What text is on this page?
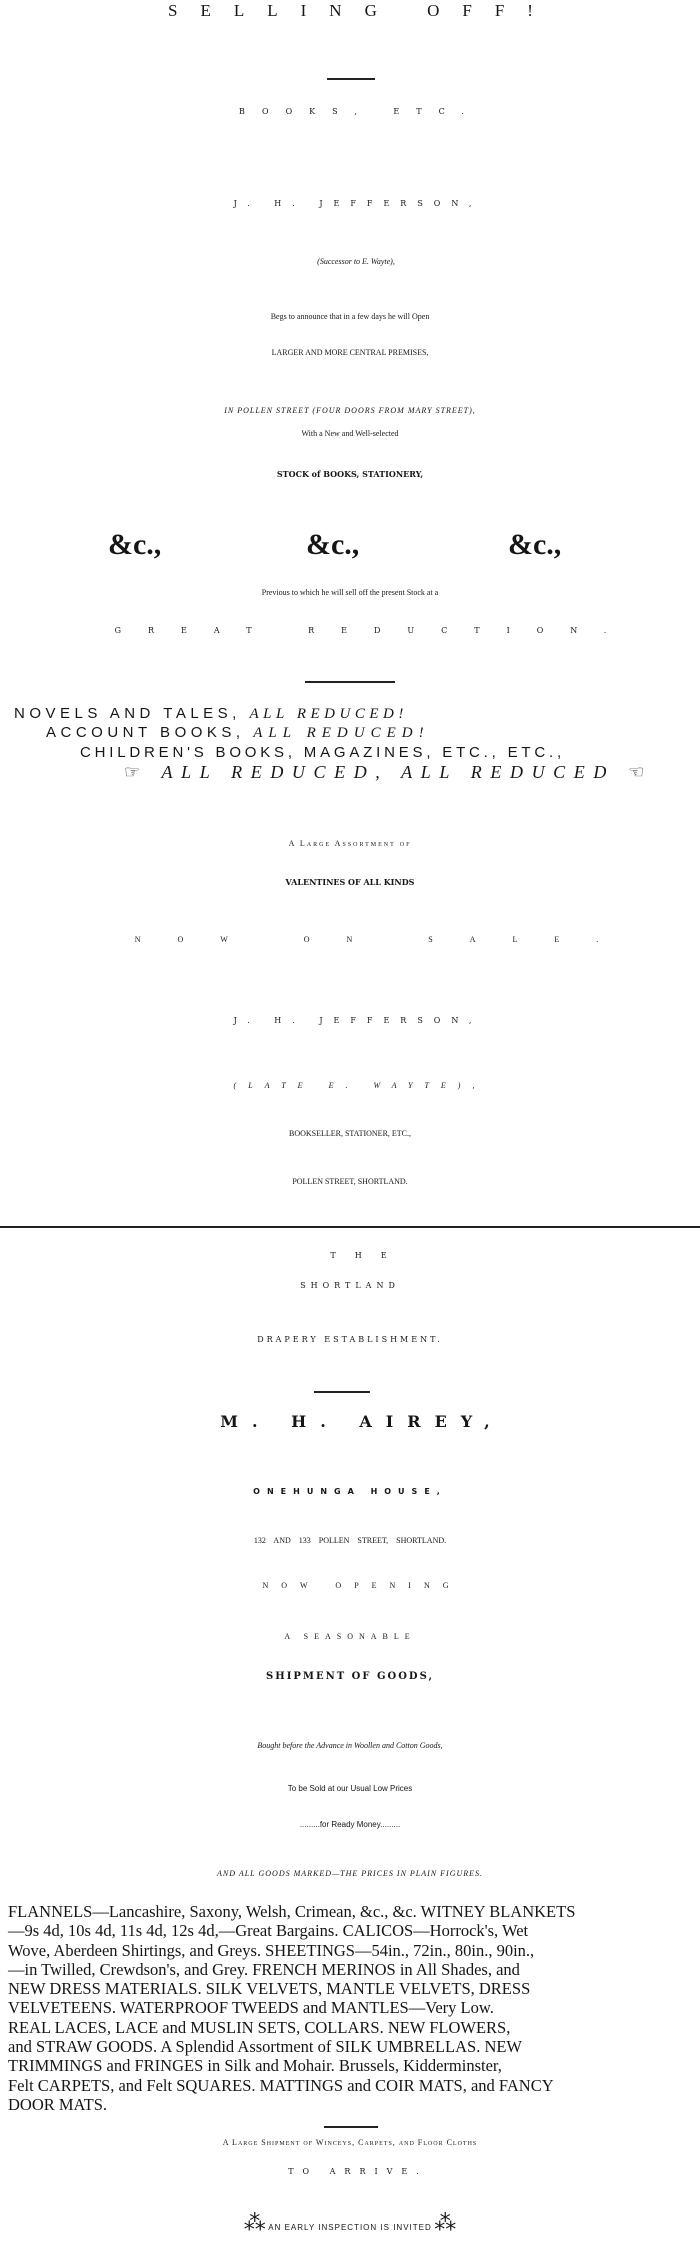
SELLING OFF!
BOOKS, ETC.
J. H. JEFFERSON,
(Successor to E. Wayte),
Begs to announce that in a few days he will Open
LARGER AND MORE CENTRAL PREMISES,
IN POLLEN STREET (FOUR DOORS FROM MARY STREET),
With a New and Well-selected
STOCK of BOOKS, STATIONERY,
&c.,	&c.,	&c.,
Previous to which he will sell off the present Stock at a
GREAT REDUCTION.
NOVELS AND TALES, ALL REDUCED!
ACCOUNT BOOKS, ALL REDUCED!
CHILDREN'S BOOKS, MAGAZINES, ETC., ETC.,
☞ ALL REDUCED, ALL REDUCED ☜
A Large Assortment of
VALENTINES OF ALL KINDS
NOW ON SALE.
J. H. JEFFERSON,
(LATE E. WAYTE),
BOOKSELLER, STATIONER, ETC.,
POLLEN STREET, SHORTLAND.
THE
SHORTLAND
DRAPERY ESTABLISHMENT.
M. H. AIREY,
ONEHUNGA HOUSE,
132 AND 133 POLLEN STREET, SHORTLAND.
NOW OPENING
A SEASONABLE
SHIPMENT OF GOODS,
Bought before the Advance in Woollen and Cotton Goods,
To be Sold at our Usual Low Prices
.........for Ready Money.........
AND ALL GOODS MARKED—THE PRICES IN PLAIN FIGURES.
FLANNELS—Lancashire, Saxony, Welsh, Crimean, &c., &c. WITNEY BLANKETS
—9s 4d, 10s 4d, 11s 4d, 12s 4d,—Great Bargains. CALICOS—Horrock's, Wet
Wove, Aberdeen Shirtings, and Greys. SHEETINGS—54in., 72in., 80in., 90in.,
—in Twilled, Crewdson's, and Grey. FRENCH MERINOS in All Shades, and
NEW DRESS MATERIALS. SILK VELVETS, MANTLE VELVETS, DRESS
VELVETEENS. WATERPROOF TWEEDS and MANTLES—Very Low.
REAL LACES, LACE and MUSLIN SETS, COLLARS. NEW FLOWERS,
and STRAW GOODS. A Splendid Assortment of SILK UMBRELLAS. NEW
TRIMMINGS and FRINGES in Silk and Mohair. Brussels, Kidderminster,
Felt CARPETS, and Felt SQUARES. MATTINGS and COIR MATS, and FANCY
DOOR MATS.
A Large Shipment of Winceys, Carpets, and Floor Cloths
TO ARRIVE.
⁂ AN EARLY INSPECTION IS INVITED ⁂
